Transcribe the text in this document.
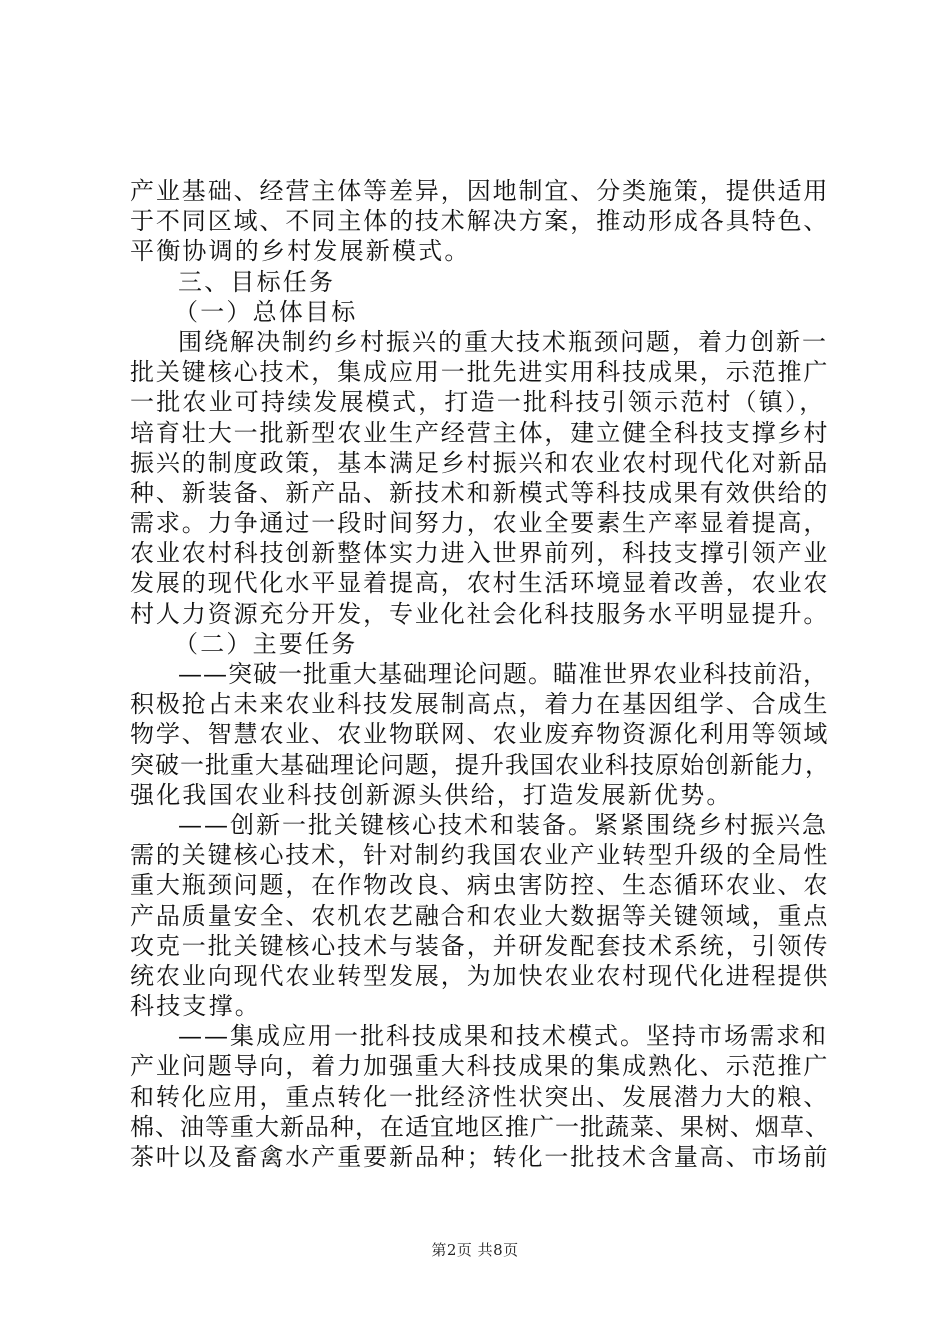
产业基础、经营主体等差异，因地制宜、分类施策，提供适用
于不同区域、不同主体的技术解决方案，推动形成各具特色、
平衡协调的乡村发展新模式。
三、目标任务
（一）总体目标
围绕解决制约乡村振兴的重大技术瓶颈问题，着力创新一
批关键核心技术，集成应用一批先进实用科技成果，示范推广
一批农业可持续发展模式，打造一批科技引领示范村（镇），
培育壮大一批新型农业生产经营主体，建立健全科技支撑乡村
振兴的制度政策，基本满足乡村振兴和农业农村现代化对新品
种、新装备、新产品、新技术和新模式等科技成果有效供给的
需求。力争通过一段时间努力，农业全要素生产率显着提高，
农业农村科技创新整体实力进入世界前列，科技支撑引领产业
发展的现代化水平显着提高，农村生活环境显着改善，农业农
村人力资源充分开发，专业化社会化科技服务水平明显提升。
（二）主要任务
——突破一批重大基础理论问题。瞄准世界农业科技前沿，
积极抢占未来农业科技发展制高点，着力在基因组学、合成生
物学、智慧农业、农业物联网、农业废弃物资源化利用等领域
突破一批重大基础理论问题，提升我国农业科技原始创新能力，
强化我国农业科技创新源头供给，打造发展新优势。
——创新一批关键核心技术和装备。紧紧围绕乡村振兴急
需的关键核心技术，针对制约我国农业产业转型升级的全局性
重大瓶颈问题，在作物改良、病虫害防控、生态循环农业、农
产品质量安全、农机农艺融合和农业大数据等关键领域，重点
攻克一批关键核心技术与装备，并研发配套技术系统，引领传
统农业向现代农业转型发展，为加快农业农村现代化进程提供
科技支撑。
——集成应用一批科技成果和技术模式。坚持市场需求和
产业问题导向，着力加强重大科技成果的集成熟化、示范推广
和转化应用，重点转化一批经济性状突出、发展潜力大的粮、
棉、油等重大新品种，在适宜地区推广一批蔬菜、果树、烟草、
茶叶以及畜禽水产重要新品种；转化一批技术含量高、市场前
第2页 共8页
